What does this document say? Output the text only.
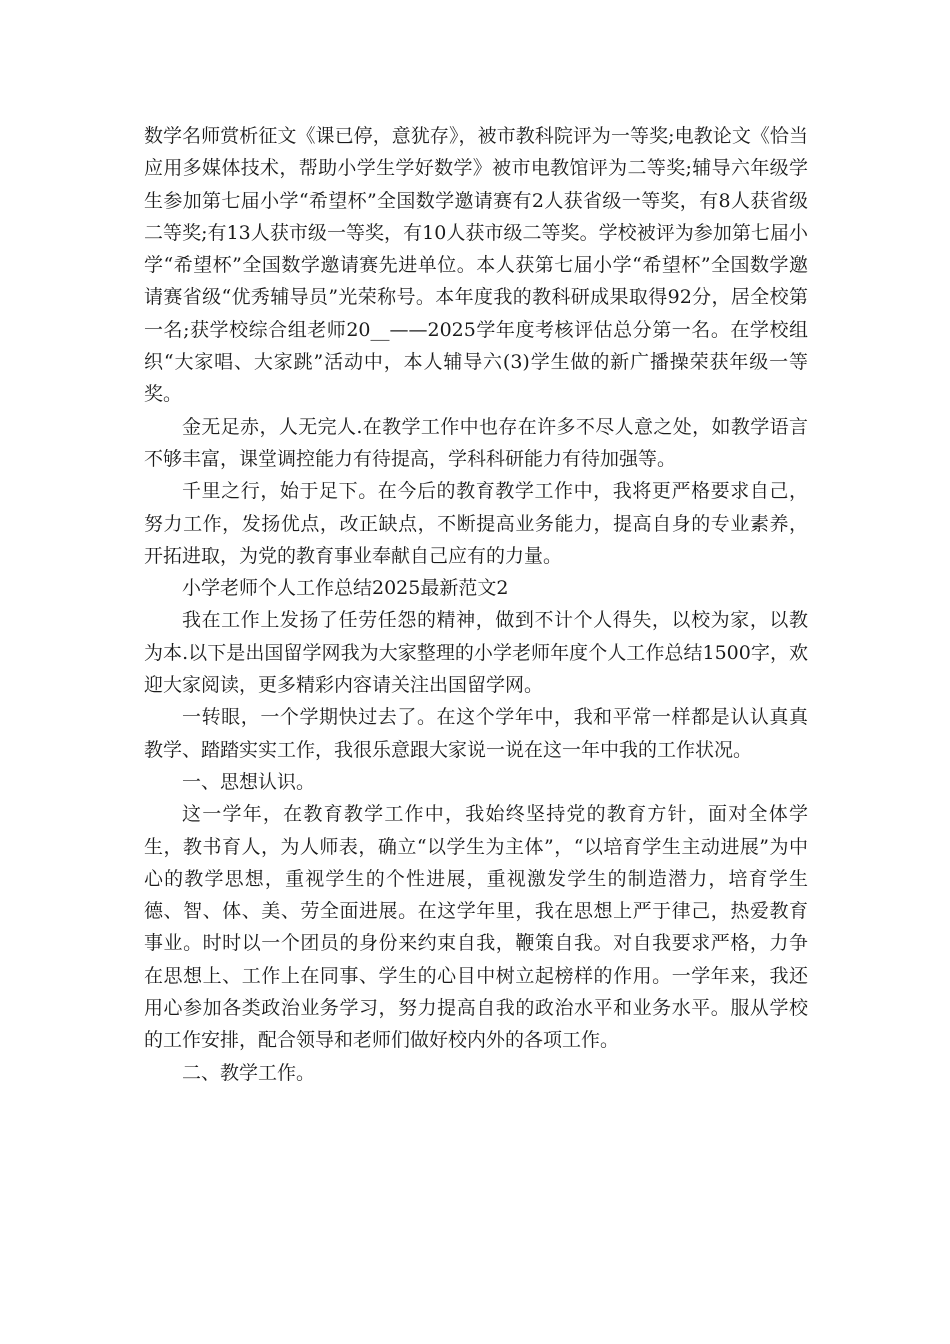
数学名师赏析征文《课已停，意犹存》，被市教科院评为一等奖;电教论文《恰当应用多媒体技术，帮助小学生学好数学》被市电教馆评为二等奖;辅导六年级学生参加第七届小学“希望杯”全国数学邀请赛有2人获省级一等奖，有8人获省级二等奖;有13人获市级一等奖，有10人获市级二等奖。学校被评为参加第七届小学“希望杯”全国数学邀请赛先进单位。本人获第七届小学“希望杯”全国数学邀请赛省级“优秀辅导员”光荣称号。本年度我的教科研成果取得92分，居全校第一名;获学校综合组老师20__——2025学年度考核评估总分第一名。在学校组织“大家唱、大家跳”活动中，本人辅导六(3)学生做的新广播操荣获年级一等奖。

金无足赤，人无完人.在教学工作中也存在许多不尽人意之处，如教学语言不够丰富，课堂调控能力有待提高，学科科研能力有待加强等。

千里之行，始于足下。在今后的教育教学工作中，我将更严格要求自己，努力工作，发扬优点，改正缺点，不断提高业务能力，提高自身的专业素养，开拓进取，为党的教育事业奉献自己应有的力量。

小学老师个人工作总结2025最新范文2

我在工作上发扬了任劳任怨的精神，做到不计个人得失，以校为家，以教为本.以下是出国留学网我为大家整理的小学老师年度个人工作总结1500字，欢迎大家阅读，更多精彩内容请关注出国留学网。

一转眼，一个学期快过去了。在这个学年中，我和平常一样都是认认真真教学、踏踏实实工作，我很乐意跟大家说一说在这一年中我的工作状况。

一、思想认识。

这一学年，在教育教学工作中，我始终坚持党的教育方针，面对全体学生，教书育人，为人师表，确立“以学生为主体”，“以培育学生主动进展”为中心的教学思想，重视学生的个性进展，重视激发学生的制造潜力，培育学生德、智、体、美、劳全面进展。在这学年里，我在思想上严于律己，热爱教育事业。时时以一个团员的身份来约束自我，鞭策自我。对自我要求严格，力争在思想上、工作上在同事、学生的心目中树立起榜样的作用。一学年来，我还用心参加各类政治业务学习，努力提高自我的政治水平和业务水平。服从学校的工作安排，配合领导和老师们做好校内外的各项工作。

二、教学工作。
